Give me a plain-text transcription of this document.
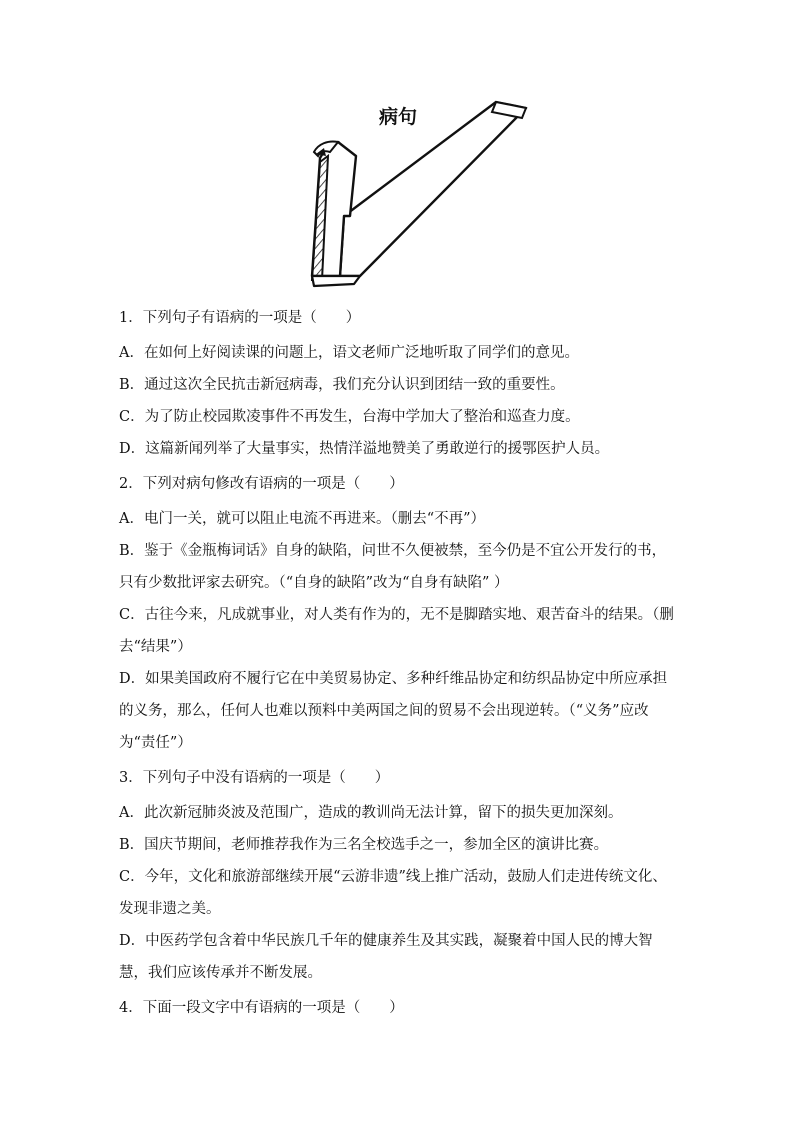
病句

1．下列句子有语病的一项是（　　）

A．在如何上好阅读课的问题上，语文老师广泛地听取了同学们的意见。

B．通过这次全民抗击新冠病毒，我们充分认识到团结一致的重要性。

C．为了防止校园欺凌事件不再发生，台海中学加大了整治和巡查力度。

D．这篇新闻列举了大量事实，热情洋溢地赞美了勇敢逆行的援鄂医护人员。

2．下列对病句修改有语病的一项是（　　）

A．电门一关，就可以阻止电流不再进来。（删去“不再”）

B．鉴于《金瓶梅词话》自身的缺陷，问世不久便被禁，至今仍是不宜公开发行的书，只有少数批评家去研究。（“自身的缺陷”改为“自身有缺陷” ）

C．古往今来，凡成就事业，对人类有作为的，无不是脚踏实地、艰苦奋斗的结果。（删去“结果”）

D．如果美国政府不履行它在中美贸易协定、多种纤维品协定和纺织品协定中所应承担的义务，那么，任何人也难以预料中美两国之间的贸易不会出现逆转。（“义务”应改为“责任”）

3．下列句子中没有语病的一项是（　　）

A．此次新冠肺炎波及范围广，造成的教训尚无法计算，留下的损失更加深刻。

B．国庆节期间，老师推荐我作为三名全校选手之一，参加全区的演讲比赛。

C．今年，文化和旅游部继续开展“云游非遗”线上推广活动，鼓励人们走进传统文化、发现非遗之美。

D．中医药学包含着中华民族几千年的健康养生及其实践，凝聚着中国人民的博大智慧，我们应该传承并不断发展。

4．下面一段文字中有语病的一项是（　　）
